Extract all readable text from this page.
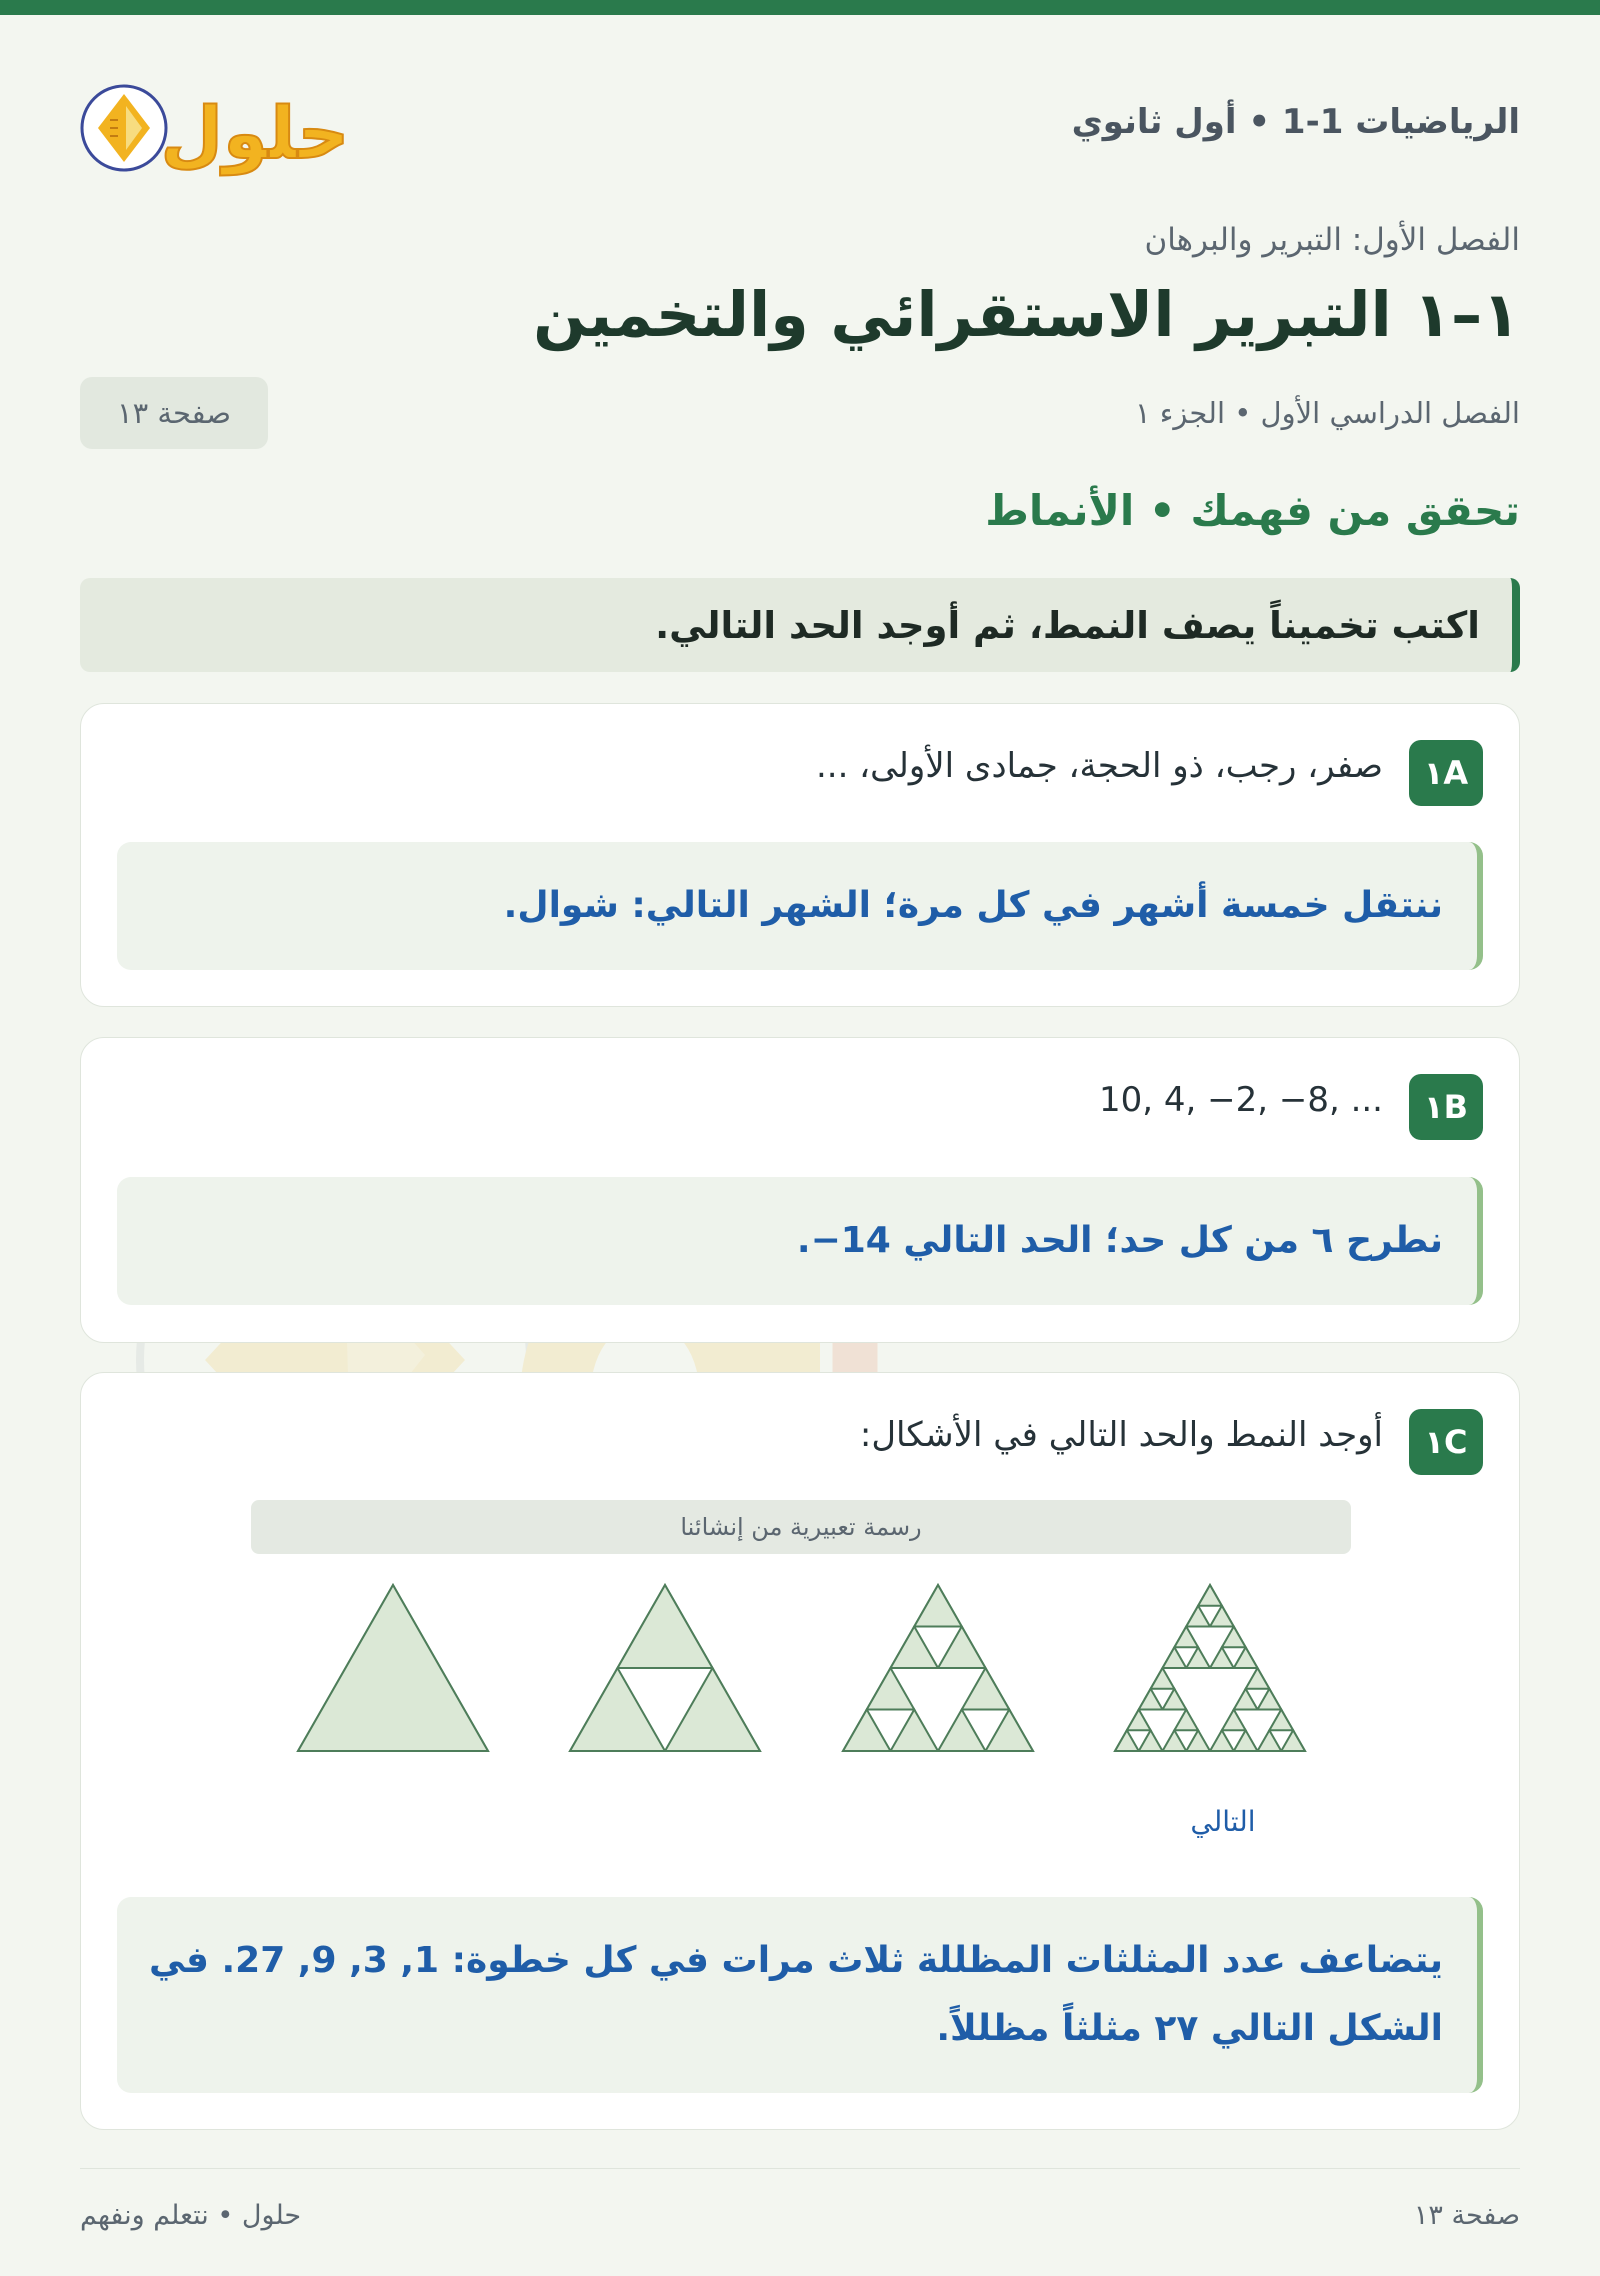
الرياضيات 1-1 • أول ثانوي
حلول
الفصل الأول: التبرير والبرهان
١–١ التبرير الاستقرائي والتخمين
الفصل الدراسي الأول • الجزء ١
صفحة ١٣
تحقق من فهمك • الأنماط
اكتب تخميناً يصف النمط، ثم أوجد الحد التالي.
١A
صفر، رجب، ذو الحجة، جمادى الأولى، ...
ننتقل خمسة أشهر في كل مرة؛ الشهر التالي: شوال.
١B
10, 4, −2, −8, ...
نطرح ٦ من كل حد؛ الحد التالي 14−.
١C
أوجد النمط والحد التالي في الأشكال:
رسمة تعبيرية من إنشائنا
التالي
يتضاعف عدد المثلثات المظللة ثلاث مرات في كل خطوة: 1, 3, 9, 27. في الشكل التالي ٢٧ مثلثاً مظللاً.
صفحة ١٣
حلول • نتعلم ونفهم
